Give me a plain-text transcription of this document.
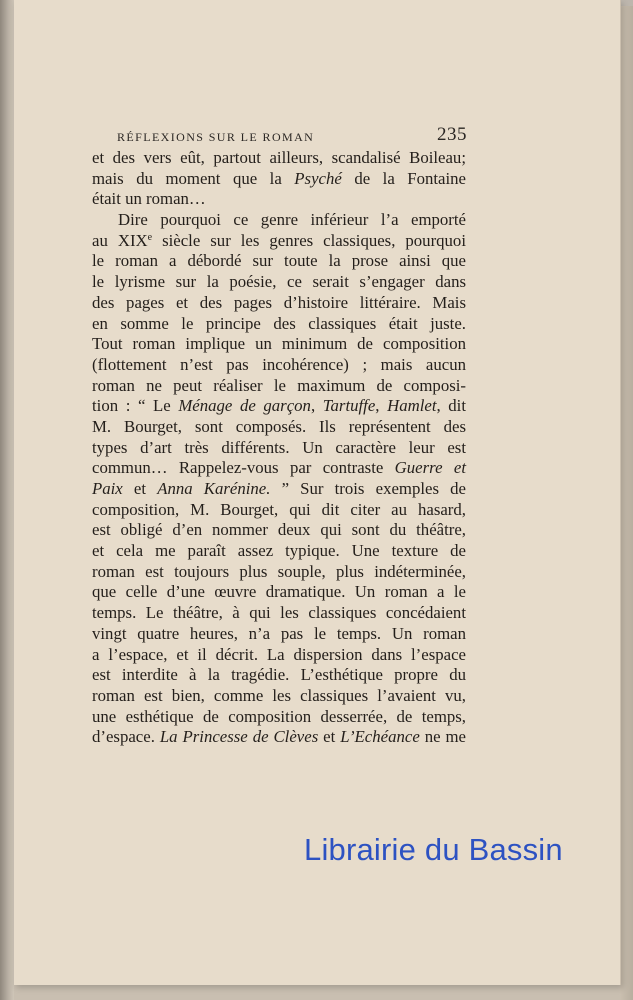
RÉFLEXIONS SUR LE ROMAN	235
et des vers eût, partout ailleurs, scandalisé Boileau;
mais du moment que la Psyché de la Fontaine
était un roman…
Dire pourquoi ce genre inférieur l’a emporté
au XIXe siècle sur les genres classiques, pourquoi
le roman a débordé sur toute la prose ainsi que
le lyrisme sur la poésie, ce serait s’engager dans
des pages et des pages d’histoire littéraire. Mais
en somme le principe des classiques était juste.
Tout roman implique un minimum de composition
(flottement n’est pas incohérence) ; mais aucun
roman ne peut réaliser le maximum de composi-
tion : “ Le Ménage de garçon, Tartuffe, Hamlet, dit
M. Bourget, sont composés. Ils représentent des
types d’art très différents. Un caractère leur est
commun… Rappelez-vous par contraste Guerre et
Paix et Anna Karénine. ” Sur trois exemples de
composition, M. Bourget, qui dit citer au hasard,
est obligé d’en nommer deux qui sont du théâtre,
et cela me paraît assez typique. Une texture de
roman est toujours plus souple, plus indéterminée,
que celle d’une œuvre dramatique. Un roman a le
temps. Le théâtre, à qui les classiques concédaient
vingt quatre heures, n’a pas le temps. Un roman
a l’espace, et il décrit. La dispersion dans l’espace
est interdite à la tragédie. L’esthétique propre du
roman est bien, comme les classiques l’avaient vu,
une esthétique de composition desserrée, de temps,
d’espace. La Princesse de Clèves et L’Echéance ne me
Librairie du Bassin
